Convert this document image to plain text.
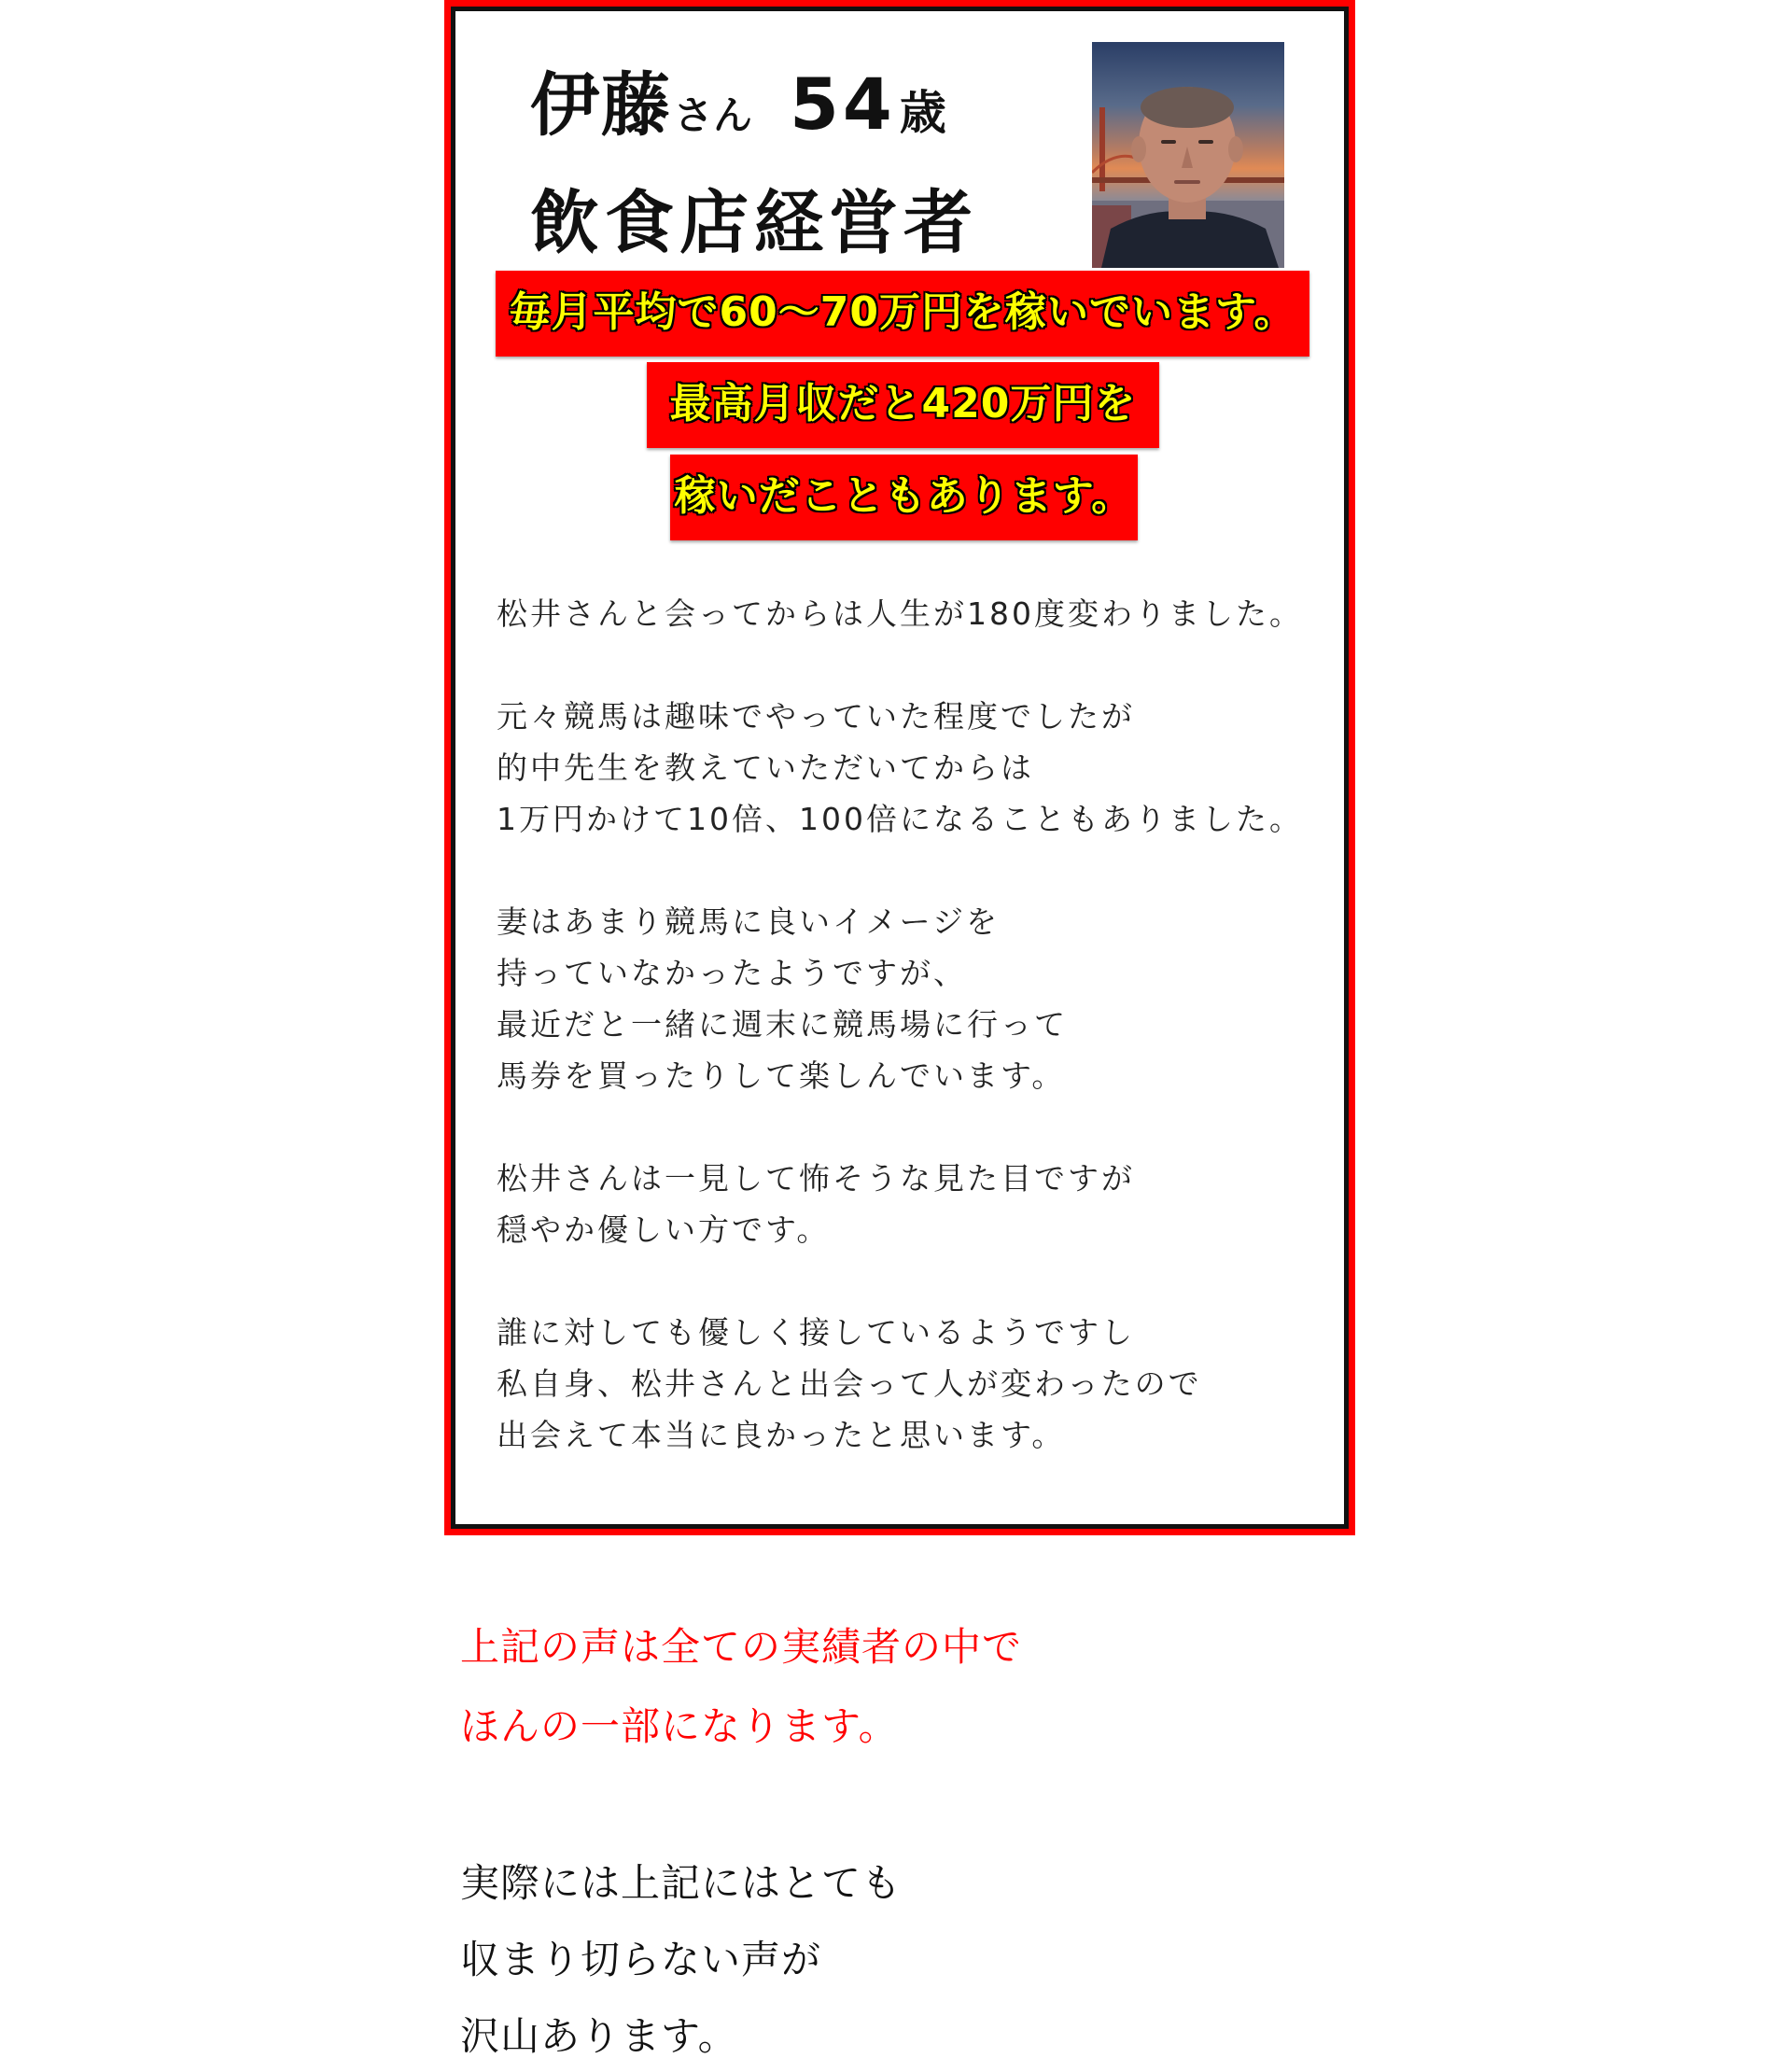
伊藤さん 54歳
飲食店経営者
毎月平均で60〜70万円を稼いでいます。
最高月収だと420万円を
稼いだこともあります。
松井さんと会ってからは人生が180度変わりました。
元々競馬は趣味でやっていた程度でしたが
的中先生を教えていただいてからは
1万円かけて10倍、100倍になることもありました。
妻はあまり競馬に良いイメージを
持っていなかったようですが、
最近だと一緒に週末に競馬場に行って
馬券を買ったりして楽しんでいます。
松井さんは一見して怖そうな見た目ですが
穏やか優しい方です。
誰に対しても優しく接しているようですし
私自身、松井さんと出会って人が変わったので
出会えて本当に良かったと思います。
上記の声は全ての実績者の中で
ほんの一部になります。
実際には上記にはとても
収まり切らない声が
沢山あります。
